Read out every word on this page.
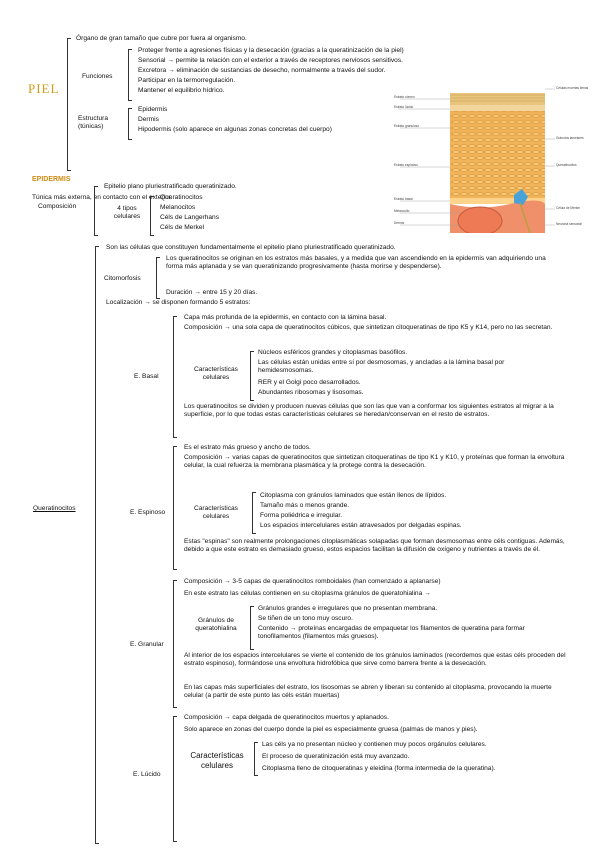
PIEL
Órgano de gran tamaño que cubre por fuera al organismo.
Funciones
Proteger frente a agresiones físicas y la desecación (gracias a la queratinización de la piel)
Sensorial → permite la relación con el exterior a través de receptores nerviosos sensitivos.
Excretora → eliminación de sustancias de desecho, normalmente a través del sudor.
Participar en la termorregulación.
Mantener el equilibrio hídrico.
Estructura (túnicas)
Epidermis
Dermis
Hipodermis (solo aparece en algunas zonas concretas del cuerpo)
Estrato córneo
Estrato lúcido
Estrato granuloso
Estrato espinoso
Estrato basal
Melanocito
Dermis
Células muertas llenas
Gránulos lamelares
Queratinocitos
Célula de Merkel
Neurona sensorial
EPIDERMIS
Túnica más externa, en contacto con el exterior.
Composición
Epitelio plano pluriestratificado queratinizado.
4 tipos celulares
Queratinocitos
Melanocitos
Céls de Langerhans
Céls de Merkel
Queratinocitos
Son las células que constituyen fundamentalmente el epitelio plano pluriestratificado queratinizado.
Citomorfosis
Los queratinocitos se originan en los estratos más basales, y a medida que van ascendiendo en la epidermis van adquiriendo una forma más aplanada y se van queratinizando progresivamente (hasta morirse y despenderse).
Duración → entre 15 y 20 días.
Localización → se disponen formando 5 estratos:
E. Basal
Capa más profunda de la epidermis, en contacto con la lámina basal.
Composición → una sola capa de queratinocitos cúbicos, que sintetizan citoqueratinas de tipo K5 y K14, pero no las secretan.
Características celulares
Núcleos esféricos grandes y citoplasmas basófilos.
Las células están unidas entre sí por desmosomas, y ancladas a la lámina basal por hemidesmosomas.
RER y el Golgi poco desarrollados.
Abundantes ribosomas y lisosomas.
Los queratinocitos se dividen y producen nuevas células que son las que van a conformar los siguientes estratos al migrar a la superficie, por lo que todas estas características celulares se heredan/conservan en el resto de estratos.
E. Espinoso
Es el estrato más grueso y ancho de todos.
Composición → varias capas de queratinocitos que sintetizan citoqueratinas de tipo K1 y K10, y proteínas que forman la envoltura celular, la cual refuerza la membrana plasmática y la protege contra la desecación.
Características celulares
Citoplasma con gránulos laminados que están llenos de lípidos.
Tamaño más o menos grande.
Forma poliédrica e irregular.
Los espacios intercelulares están atravesados por delgadas espinas.
Estas "espinas" son realmente prolongaciones citoplasmáticas solapadas que forman desmosomas entre céls contiguas. Además, debido a que este estrato es demasiado grueso, estos espacios facilitan la difusión de oxígeno y nutrientes a través de él.
E. Granular
Composición → 3-5 capas de queratinocitos romboidales (han comenzado a aplanarse)
En este estrato las células contienen en su citoplasma gránulos de queratohialina →
Gránulos de queratohialina
Gránulos grandes e irregulares que no presentan membrana.
Se tiñen de un tono muy oscuro.
Contenido → proteínas encargadas de empaquetar los filamentos de queratina para formar tonofilamentos (filamentos más gruesos).
Al interior de los espacios intercelulares se vierte el contenido de los gránulos laminados (recordemos que estas céls proceden del estrato espinoso), formándose una envoltura hidrofóbica que sirve como barrera frente a la desecación.
En las capas más superficiales del estrato, los lisosomas se abren y liberan su contenido al citoplasma, provocando la muerte celular (a partir de este punto las céls están muertas)
E. Lúcido
Composición → capa delgada de queratinocitos muertos y aplanados.
Solo aparece en zonas del cuerpo donde la piel es especialmente gruesa (palmas de manos y pies).
Características celulares
Las céls ya no presentan núcleo y contienen muy pocos orgánulos celulares.
El proceso de queratinización está muy avanzado.
Citoplasma lleno de citoqueratinas y eleidina (forma intermedia de la queratina).
